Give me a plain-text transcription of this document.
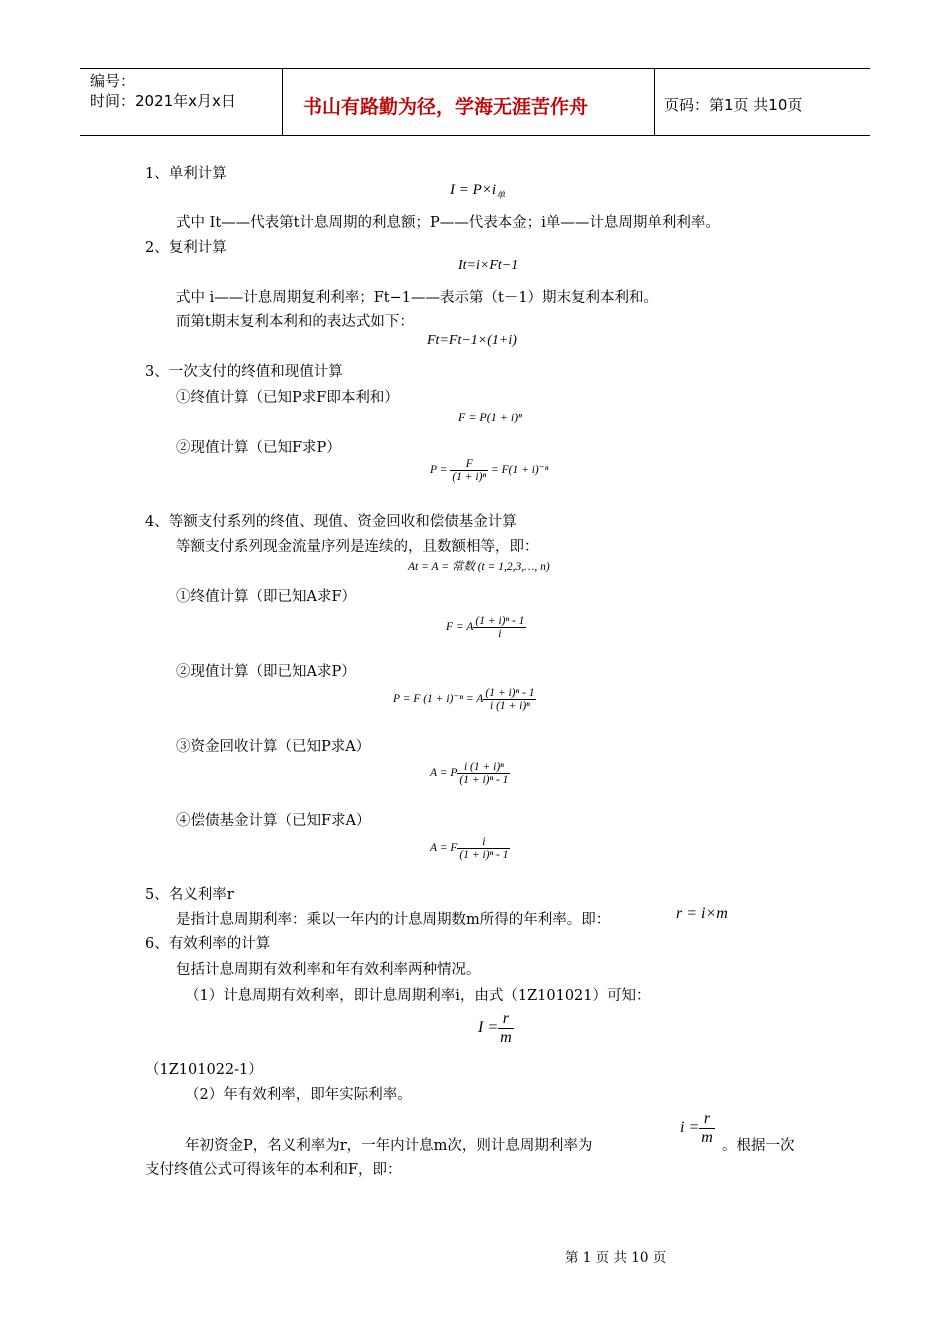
编号：
时间：2021年x月x日	书山有路勤为径，学海无涯苦作舟	页码：第1页 共10页
1、单利计算
$I = P\times i_单$
式中 It——代表第t计息周期的利息额；P——代表本金；i单——计息周期单利利率。
2、复利计算
It=i×Ft−1
式中 i——计息周期复利利率；Ft−1——表示第（t－1）期末复利本利和。
而第t期末复利本利和的表达式如下：
Ft=Ft−1×(1+i)
3、一次支付的终值和现值计算
①终值计算（已知P求F即本利和）
F = P(1 + i)ⁿ
②现值计算（已知F求P）
$P = \frac{F}{\text{(1 + i)ⁿ}} = F(1 + i)^{-n}$
4、等额支付系列的终值、现值、资金回收和偿债基金计算
等额支付系列现金流量序列是连续的，且数额相等，即：
At = A = 常数 (t = 1,2,3,…, n)
①终值计算（即已知A求F）
F = A $\frac{\text{(1 + i)ⁿ - 1}}{i}$
②现值计算（即已知A求P）
P = F (1 + i)⁻ⁿ = A $\frac{\text{(1 + i)ⁿ - 1}}{\text{i (1 + i)ⁿ}}$
③资金回收计算（已知P求A）
A = P $\frac{\text{i (1 + i)ⁿ}}{\text{(1 + i)ⁿ - 1}}$
④偿债基金计算（已知F求A）
A = F $\frac{i}{\text{(1 + i)ⁿ - 1}}$
5、名义利率r
是指计息周期利率：乘以一年内的计息周期数m所得的年利率。即：	r = i×m
6、有效利率的计算
包括计息周期有效利率和年有效利率两种情况。
（1）计息周期有效利率，即计息周期利率i，由式（1Z101021）可知：
$I = \frac{r}{m}$
（1Z101022-1）
（2）年有效利率，即年实际利率。
年初资金P，名义利率为r，一年内计息m次，则计息周期利率为
$i = \frac{r}{m}$ 。根据一次
支付终值公式可得该年的本利和F，即：
第 1 页 共 10 页
